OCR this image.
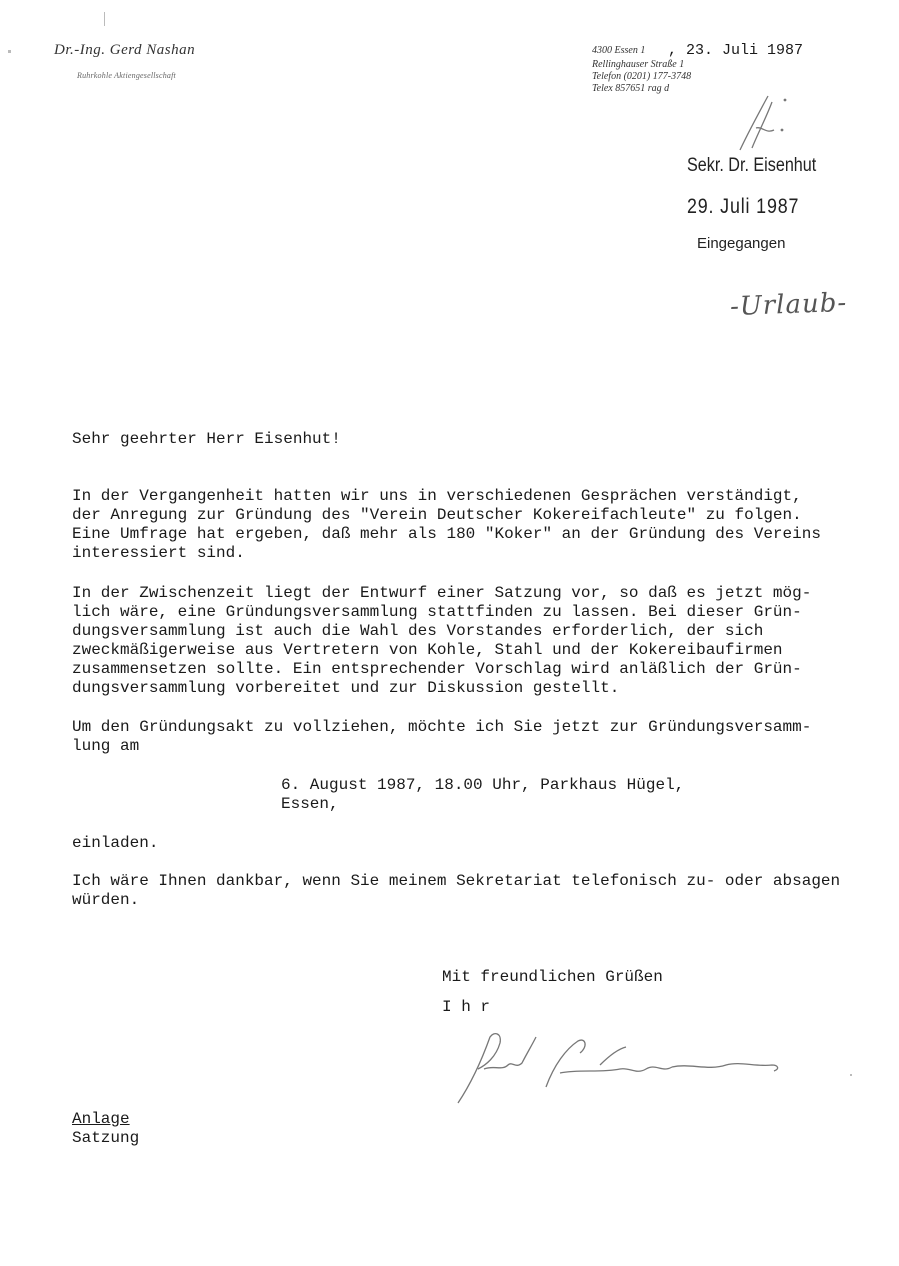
Dr.-Ing. Gerd Nashan
Ruhrkohle Aktiengesellschaft
4300 Essen 1 , 23. Juli 1987
Rellinghauser Straße 1
Telefon (0201) 177-3748
Telex 857651 rag d
Sekr. Dr. Eisenhut
29. Juli 1987
Eingegangen
-Urlaub-
Sehr geehrter Herr Eisenhut!
In der Vergangenheit hatten wir uns in verschiedenen Gesprächen verständigt,
der Anregung zur Gründung des "Verein Deutscher Kokereifachleute" zu folgen.
Eine Umfrage hat ergeben, daß mehr als 180 "Koker" an der Gründung des Vereins
interessiert sind.
In der Zwischenzeit liegt der Entwurf einer Satzung vor, so daß es jetzt mög-
lich wäre, eine Gründungsversammlung stattfinden zu lassen. Bei dieser Grün-
dungsversammlung ist auch die Wahl des Vorstandes erforderlich, der sich
zweckmäßigerweise aus Vertretern von Kohle, Stahl und der Kokereibaufirmen
zusammensetzen sollte. Ein entsprechender Vorschlag wird anläßlich der Grün-
dungsversammlung vorbereitet und zur Diskussion gestellt.
Um den Gründungsakt zu vollziehen, möchte ich Sie jetzt zur Gründungsversamm-
lung am
6. August 1987, 18.00 Uhr, Parkhaus Hügel,
Essen,
einladen.
Ich wäre Ihnen dankbar, wenn Sie meinem Sekretariat telefonisch zu- oder absagen
würden.
Mit freundlichen Grüßen
I h r
Anlage
Satzung
